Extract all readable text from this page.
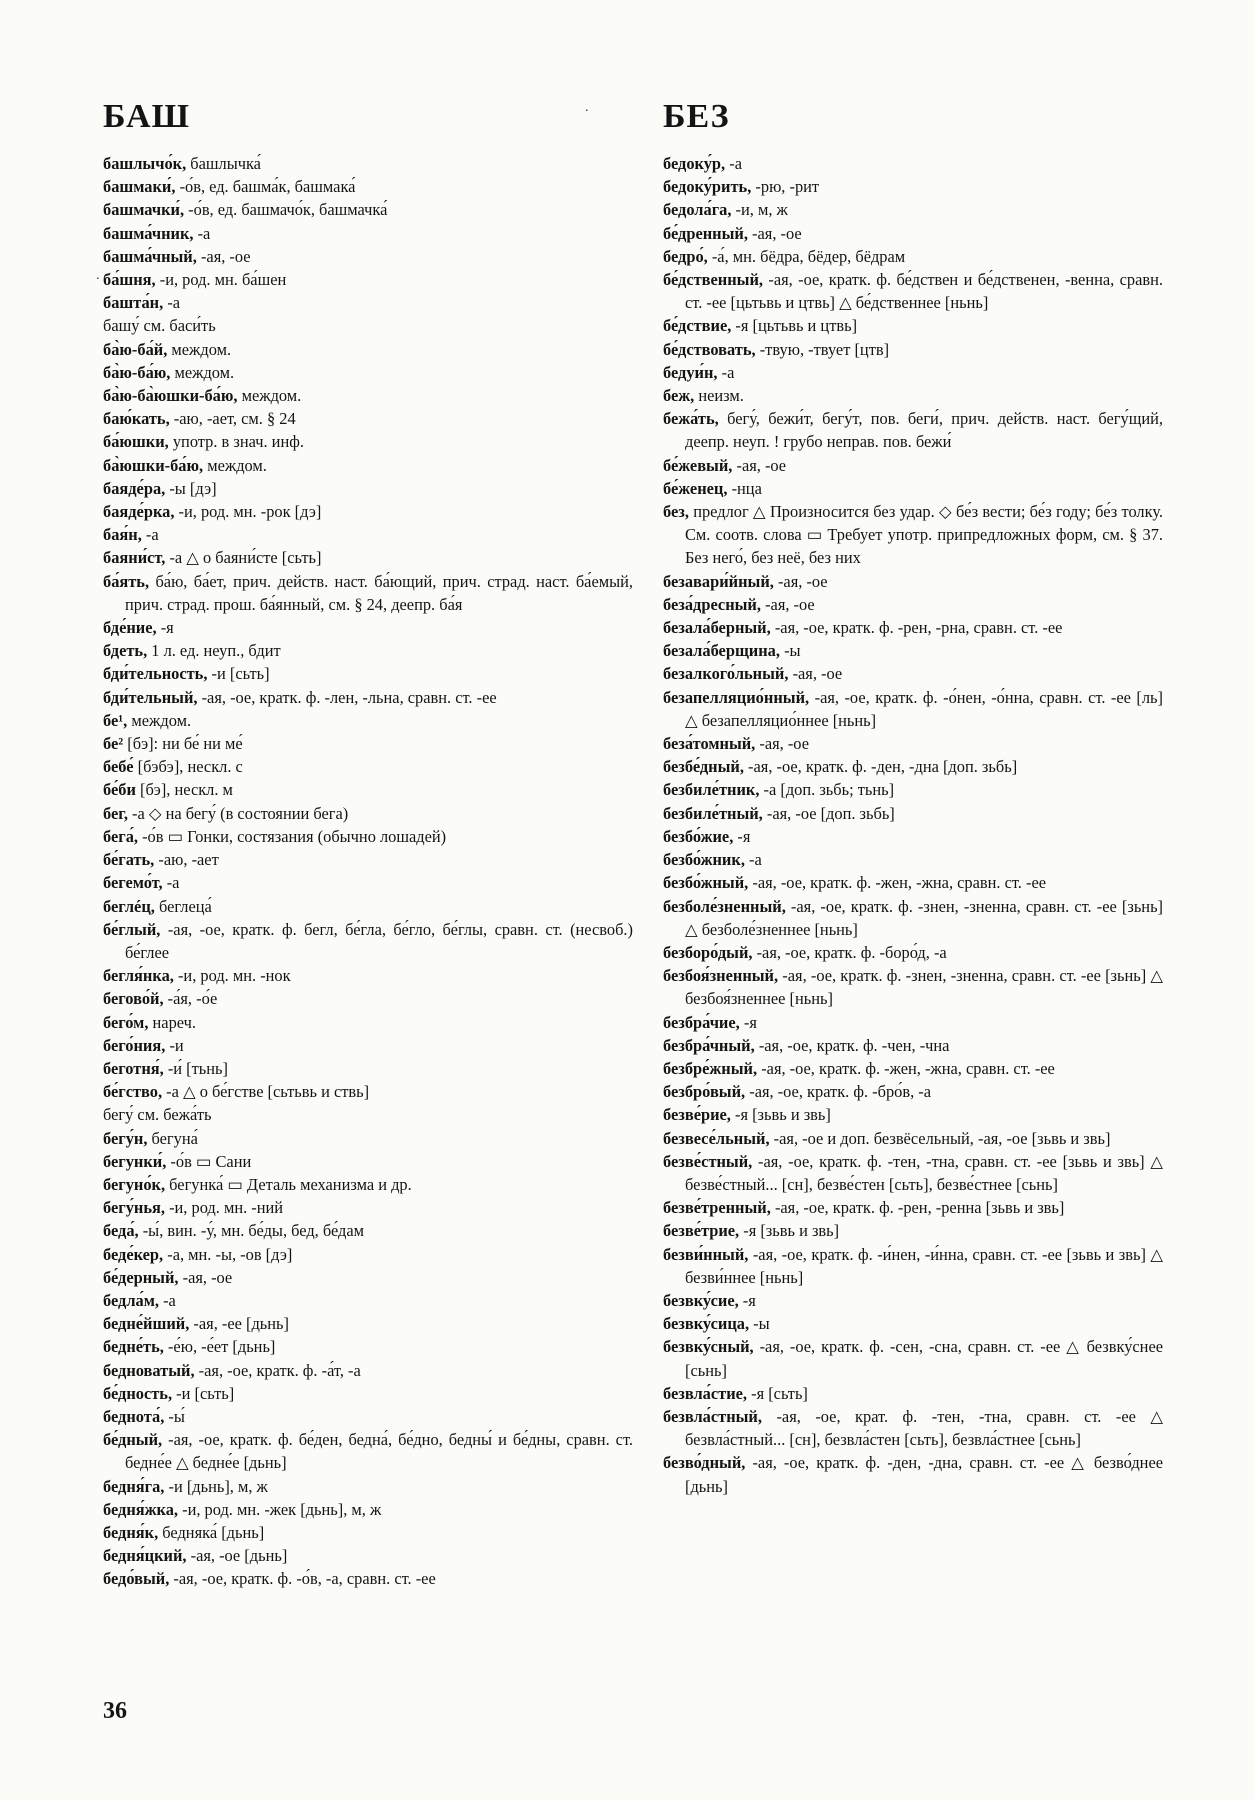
БАШ	БЕЗ

башлычо́к, башлычка́

башмаки́, -о́в, ед. башма́к, башмака́

башмачки́, -о́в, ед. башмачо́к, башмачка́

башма́чник, -а

башма́чный, -ая, -ое

ба́шня, -и, род. мн. ба́шен

башта́н, -а

башу́ см. баси́ть

ба̀ю-ба́й, междом.

ба̀ю-ба́ю, междом.

ба̀ю-ба̀юшки-ба́ю, междом.

баю́кать, -аю, -ает, см. § 24

ба́юшки, употр. в знач. инф.

ба̀юшки-ба́ю, междом.

баяде́ра, -ы [дэ]

баяде́рка, -и, род. мн. -рок [дэ]

бая́н, -а

баяни́ст, -а △ о баяни́сте [сьть]

ба́ять, ба́ю, ба́ет, прич. действ. наст. ба́ющий, прич. страд. наст. ба́емый, прич. страд. прош. ба́янный, см. § 24, деепр. ба́я

бде́ние, -я

бдеть, 1 л. ед. неуп., бдит

бди́тельность, -и [сьть]

бди́тельный, -ая, -ое, кратк. ф. -лен, -льна, сравн. ст. -ее

бе¹, междом.

бе² [бэ]: ни бе́ ни ме́

бебе́ [бэбэ], нескл. с

бе́би [бэ], нескл. м

бег, -а ◇ на бегу́ (в состоянии бега)

бега́, -о́в ▭ Гонки, состязания (обычно лошадей)

бе́гать, -аю, -ает

бегемо́т, -а

беглéц, беглеца́

бе́глый, -ая, -ое, кратк. ф. бегл, бе́гла, бе́гло, бе́глы, сравн. ст. (несвоб.) бе́глее

бегля́нка, -и, род. мн. -нок

бегово́й, -а́я, -о́е

бего́м, нареч.

бего́ния, -и

беготня́, -и́ [тьнь]

бе́гство, -а △ о бе́гстве [сьтьвь и ствь]

бегу́ см. бежа́ть

бегу́н, бегуна́

бегунки́, -о́в ▭ Сани

бегуно́к, бегунка́ ▭ Деталь механизма и др.

бегу́нья, -и, род. мн. -ний

беда́, -ы́, вин. -у́, мн. бе́ды, бед, бе́дам

беде́кер, -а, мн. -ы, -ов [дэ]

бе́дерный, -ая, -ое

бедла́м, -а

бедне́йший, -ая, -ее [дьнь]

бедне́ть, -е́ю, -е́ет [дьнь]

бедноватый, -ая, -ое, кратк. ф. -а́т, -а

бе́дность, -и [сьть]

беднота́, -ы́

бе́дный, -ая, -ое, кратк. ф. бе́ден, бедна́, бе́дно, бедны́ и бе́дны, сравн. ст. бедне́е △ бедне́е [дьнь]

бедня́га, -и [дьнь], м, ж

бедня́жка, -и, род. мн. -жек [дьнь], м, ж

бедня́к, бедняка́ [дьнь]

бедня́цкий, -ая, -ое [дьнь]

бедо́вый, -ая, -ое, кратк. ф. -о́в, -а, сравн. ст. -ее

бедоку́р, -а

бедоку́рить, -рю, -рит

бедола́га, -и, м, ж

бе́дренный, -ая, -ое

бедро́, -а́, мн. бёдра, бёдер, бёдрам

бе́дственный, -ая, -ое, кратк. ф. бе́дствен и бе́дственен, -венна, сравн. ст. -ее [цьтьвь и цтвь] △ бе́дственнее [ньнь]

бе́дствие, -я [цьтьвь и цтвь]

бе́дствовать, -твую, -твует [цтв]

бедуи́н, -а

беж, неизм.

бежа́ть, бегу́, бежи́т, бегу́т, пов. беги́, прич. действ. наст. бегу́щий, деепр. неуп. ! грубо неправ. пов. бежи́

бе́жевый, -ая, -ое

бе́женец, -нца

без, предлог △ Произносится без удар. ◇ бе́з вести; бе́з году; бе́з толку. См. соотв. слова ▭ Требует употр. припредложных форм, см. § 37. Без него́, без неё, без них

безавари́йный, -ая, -ое

беза́дресный, -ая, -ое

безала́берный, -ая, -ое, кратк. ф. -рен, -рна, сравн. ст. -ее

безала́берщина, -ы

безалкого́льный, -ая, -ое

безапелляцио́нный, -ая, -ое, кратк. ф. -о́нен, -о́нна, сравн. ст. -ее [ль] △ безапелляцио́ннее [ньнь]

беза́томный, -ая, -ое

безбе́дный, -ая, -ое, кратк. ф. -ден, -дна [доп. зьбь]

безбиле́тник, -а [доп. зьбь; тьнь]

безбиле́тный, -ая, -ое [доп. зьбь]

безбо́жие, -я

безбо́жник, -а

безбо́жный, -ая, -ое, кратк. ф. -жен, -жна, сравн. ст. -ее

безболе́зненный, -ая, -ое, кратк. ф. -знен, -зненна, сравн. ст. -ее [зьнь] △ безболе́зненнее [ньнь]

безборо́дый, -ая, -ое, кратк. ф. -боро́д, -а

безбоя́зненный, -ая, -ое, кратк. ф. -знен, -зненна, сравн. ст. -ее [зьнь] △ безбоя́зненнее [ньнь]

безбра́чие, -я

безбра́чный, -ая, -ое, кратк. ф. -чен, -чна

безбре́жный, -ая, -ое, кратк. ф. -жен, -жна, сравн. ст. -ее

безбро́вый, -ая, -ое, кратк. ф. -бро́в, -а

безве́рие, -я [зьвь и звь]

безвесе́льный, -ая, -ое и доп. безвёсельный, -ая, -ое [зьвь и звь]

безве́стный, -ая, -ое, кратк. ф. -тен, -тна, сравн. ст. -ее [зьвь и звь] △ безве́стный... [сн], безве́стен [сьть], безве́стнее [сьнь]

безве́тренный, -ая, -ое, кратк. ф. -рен, -ренна [зьвь и звь]

безве́трие, -я [зьвь и звь]

безви́нный, -ая, -ое, кратк. ф. -и́нен, -и́нна, сравн. ст. -ее [зьвь и звь] △ безви́ннее [ньнь]

безвку́сие, -я

безвку́сица, -ы

безвку́сный, -ая, -ое, кратк. ф. -сен, -сна, сравн. ст. -ее △ безвку́снее [сьнь]

безвла́стие, -я [сьть]

безвла́стный, -ая, -ое, крат. ф. -тен, -тна, сравн. ст. -ее △ безвла́стный... [сн], безвла́стен [сьть], безвла́стнее [сьнь]

безво́дный, -ая, -ое, кратк. ф. -ден, -дна, сравн. ст. -ее △ безво́днее [дьнь]

36
.
.
